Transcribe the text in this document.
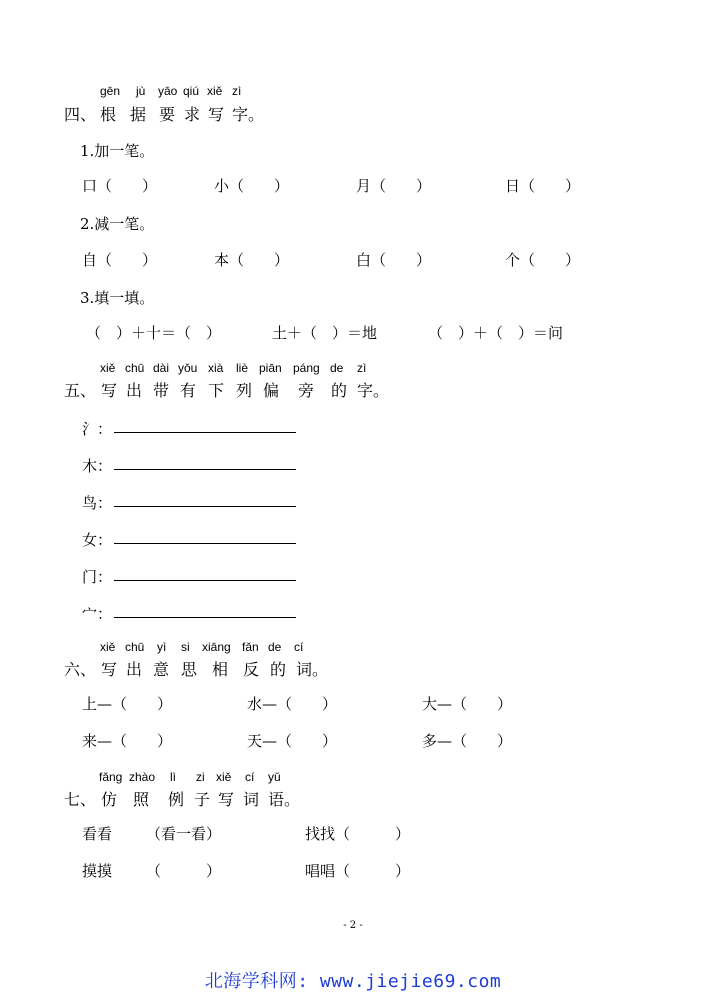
gēn jù yāo qiú xiě zì
四、 根 据 要 求 写 字。
1.加一笔。
口（　　）	小（　　）	月（　　）	日（　　）
2.减一笔。
自（　　）	本（　　）	白（　　）	个（　　）
3.填一填。
（　）＋十＝（　）	土＋（　）＝地	（　）＋（　）＝问
xiě chū dài yǒu xià liè piān páng de zì
五、 写 出 带 有 下 列 偏 旁 的 字。
氵：
木：
鸟：
女：
门：
宀：
xiě chū yì si xiāng fǎn de cí
六、 写 出 意 思 相 反 的 词。
上—（　　）	水—（　　）	大—（　　）
来—（　　）	天—（　　）	多—（　　）
fǎng zhào lì zi xiě cí yǔ
七、 仿 照 例 子 写 词 语。
看看 （看一看）	找找（　　　）
摸摸 （　　　）	唱唱（　　　）
- 2 -
北海学科网: www.jiejie69.com
